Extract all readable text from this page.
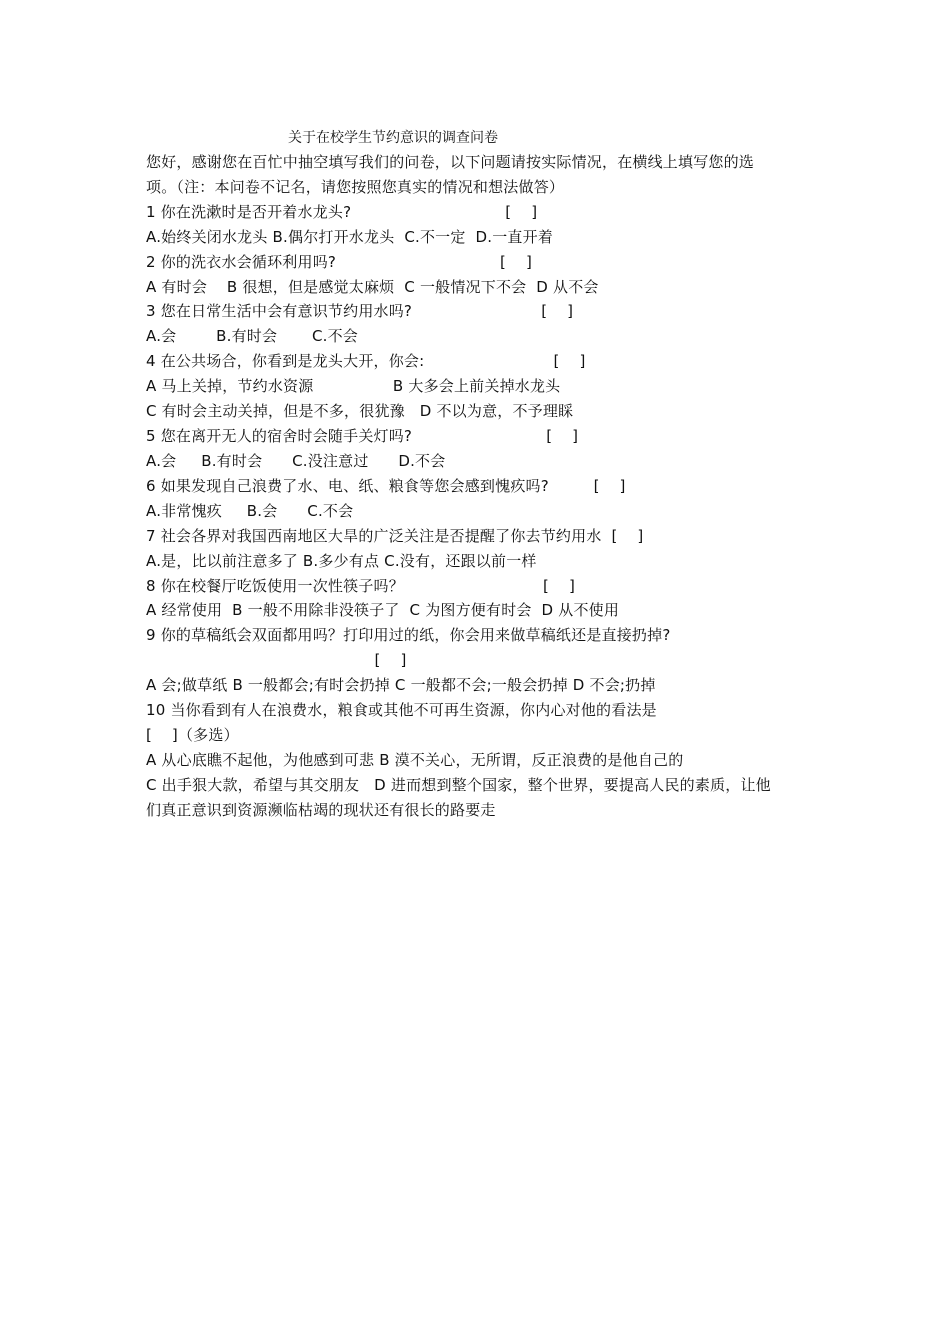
关于在校学生节约意识的调查问卷
您好，感谢您在百忙中抽空填写我们的问卷，以下问题请按实际情况，在横线上填写您的选
项。（注：本问卷不记名，请您按照您真实的情况和想法做答）
1 你在洗漱时是否开着水龙头?                               [    ]
A.始终关闭水龙头 B.偶尔打开水龙头  C.不一定  D.一直开着
2 你的洗衣水会循环利用吗?                                 [    ]
A 有时会    B 很想，但是感觉太麻烦  C 一般情况下不会  D 从不会
3 您在日常生活中会有意识节约用水吗?                          [    ]
A.会        B.有时会       C.不会
4 在公共场合，你看到是龙头大开，你会:                          [    ]
A 马上关掉，节约水资源                B 大多会上前关掉水龙头
C 有时会主动关掉，但是不多，很犹豫   D 不以为意，不予理睬
5 您在离开无人的宿舍时会随手关灯吗?                           [    ]
A.会     B.有时会      C.没注意过      D.不会
6 如果发现自己浪费了水、电、纸、粮食等您会感到愧疚吗?         [    ]
A.非常愧疚     B.会      C.不会
7 社会各界对我国西南地区大旱的广泛关注是否提醒了你去节约用水  [    ]
A.是，比以前注意多了 B.多少有点 C.没有，还跟以前一样
8 你在校餐厅吃饭使用一次性筷子吗？                            [    ]
A 经常使用  B 一般不用除非没筷子了  C 为图方便有时会  D 从不使用
9 你的草稿纸会双面都用吗？打印用过的纸，你会用来做草稿纸还是直接扔掉?
[    ]
A 会;做草纸 B 一般都会;有时会扔掉 C 一般都不会;一般会扔掉 D 不会;扔掉
10 当你看到有人在浪费水，粮食或其他不可再生资源，你内心对他的看法是
[    ]（多选）
A 从心底瞧不起他，为他感到可悲 B 漠不关心，无所谓，反正浪费的是他自己的
C 出手狠大款，希望与其交朋友   D 进而想到整个国家，整个世界，要提高人民的素质，让他
们真正意识到资源濒临枯竭的现状还有很长的路要走
